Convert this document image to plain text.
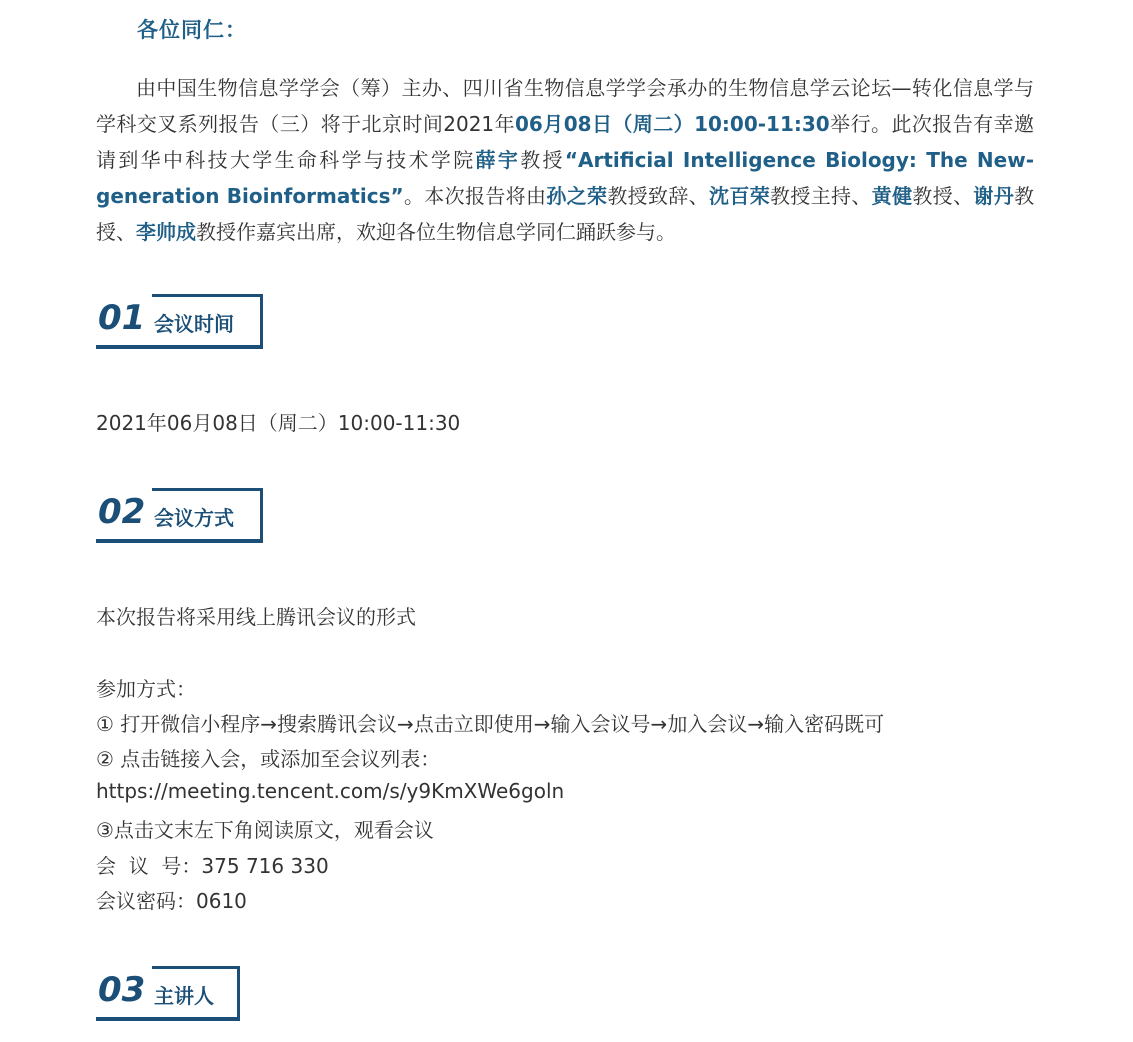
各位同仁：
由中国生物信息学学会（筹）主办、四川省生物信息学学会承办的生物信息学云论坛—转化信息学与学科交叉系列报告（三）将于北京时间2021年06月08日（周二）10:00-11:30举行。此次报告有幸邀请到华中科技大学生命科学与技术学院薛宇教授“Artificial Intelligence Biology: The New-generation Bioinformatics”。本次报告将由孙之荣教授致辞、沈百荣教授主持、黄健教授、谢丹教授、李帅成教授作嘉宾出席，欢迎各位生物信息学同仁踊跃参与。
01 会议时间
2021年06月08日（周二）10:00-11:30
02 会议方式
本次报告将采用线上腾讯会议的形式
参加方式：
① 打开微信小程序→搜索腾讯会议→点击立即使用→输入会议号→加入会议→输入密码既可
② 点击链接入会，或添加至会议列表：
https://meeting.tencent.com/s/y9KmXWe6goln
③点击文末左下角阅读原文，观看会议
会  议  号：375 716 330
会议密码：0610
03 主讲人
